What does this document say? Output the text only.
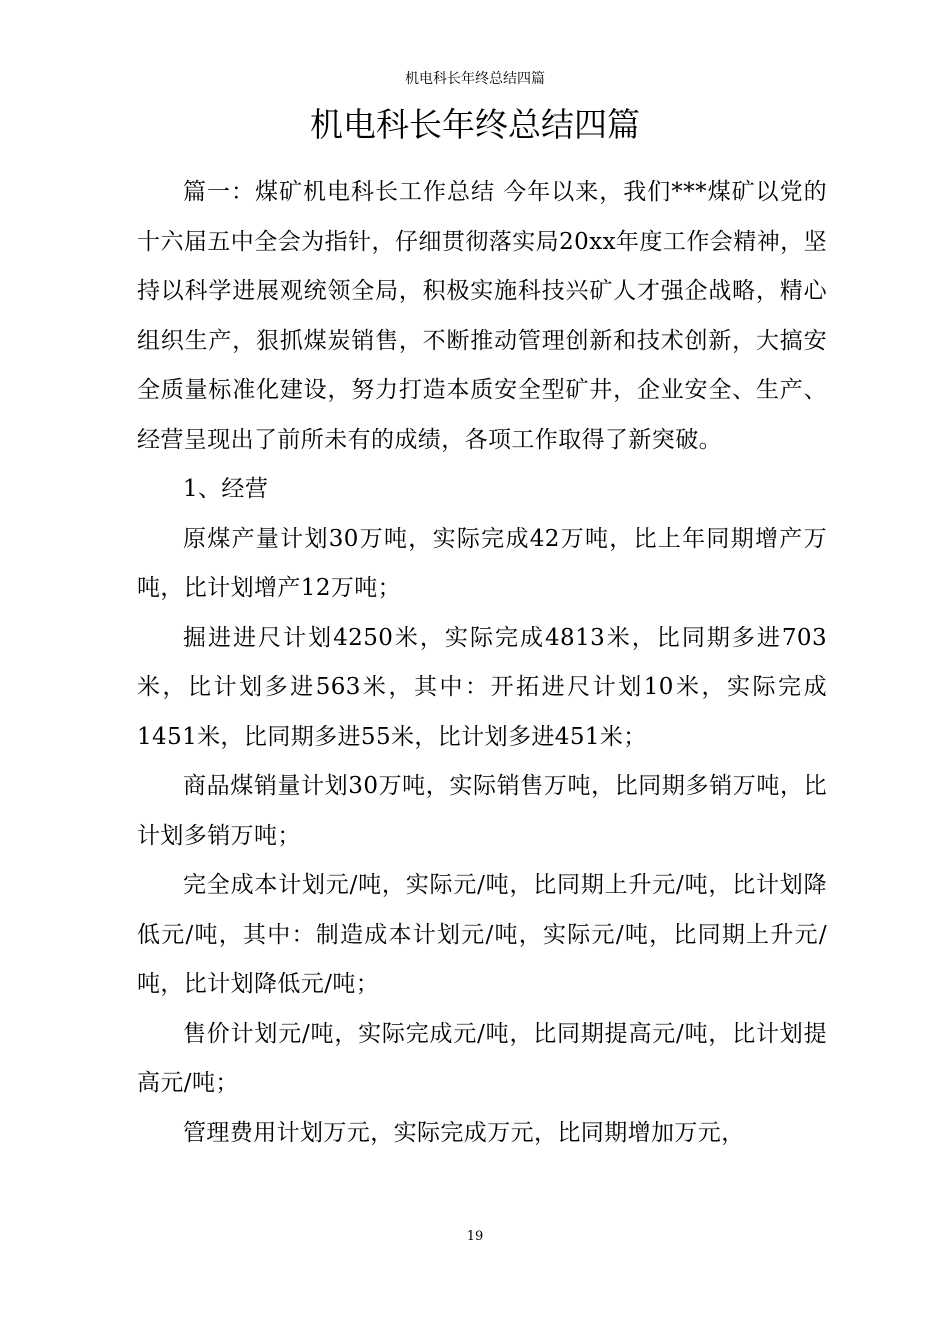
机电科长年终总结四篇
机电科长年终总结四篇

篇一：煤矿机电科长工作总结 今年以来，我们***煤矿以党的十六届五中全会为指针，仔细贯彻落实局20xx年度工作会精神，坚持以科学进展观统领全局，积极实施科技兴矿人才强企战略，精心组织生产，狠抓煤炭销售，不断推动管理创新和技术创新，大搞安全质量标准化建设，努力打造本质安全型矿井，企业安全、生产、经营呈现出了前所未有的成绩，各项工作取得了新突破。

1、经营

原煤产量计划30万吨，实际完成42万吨，比上年同期增产万吨，比计划增产12万吨；

掘进进尺计划4250米，实际完成4813米，比同期多进703米，比计划多进563米，其中：开拓进尺计划10米，实际完成1451米，比同期多进55米，比计划多进451米；

商品煤销量计划30万吨，实际销售万吨，比同期多销万吨，比计划多销万吨；

完全成本计划元/吨，实际元/吨，比同期上升元/吨，比计划降低元/吨，其中：制造成本计划元/吨，实际元/吨，比同期上升元/吨，比计划降低元/吨；

售价计划元/吨，实际完成元/吨，比同期提高元/吨，比计划提高元/吨；

管理费用计划万元，实际完成万元，比同期增加万元，

19
